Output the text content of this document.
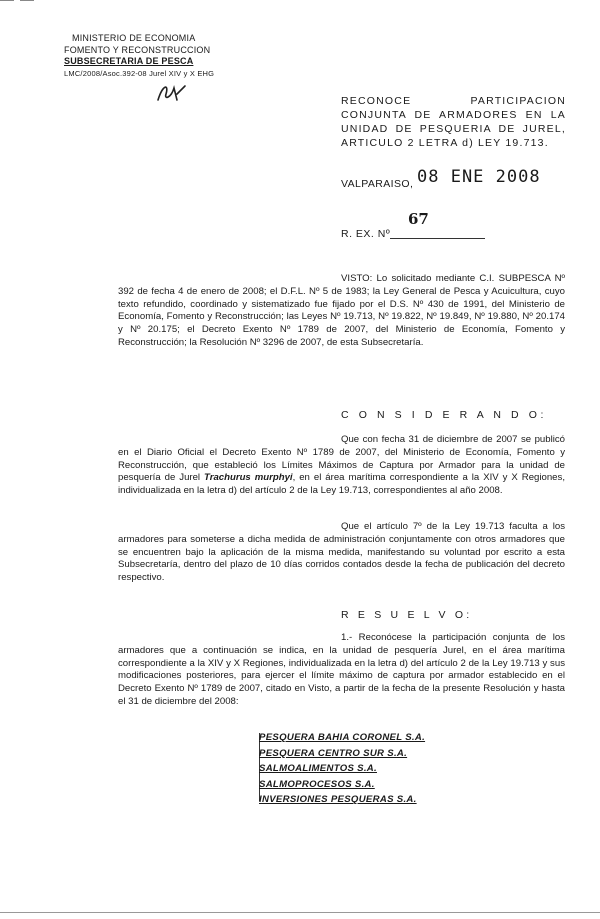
MINISTERIO DE ECONOMIA
FOMENTO Y RECONSTRUCCION
SUBSECRETARIA DE PESCA
LMC/2008/Asoc.392-08 Jurel XIV y X EHG
RECONOCE PARTICIPACION CONJUNTA DE ARMADORES EN LA UNIDAD DE PESQUERIA DE JUREL, ARTICULO 2 LETRA d) LEY 19.713.
VALPARAISO, 08 ENE 2008
67
R. EX. Nº
VISTO: Lo solicitado mediante C.I. SUBPESCA Nº 392 de fecha 4 de enero de 2008; el D.F.L. Nº 5 de 1983; la Ley General de Pesca y Acuicultura, cuyo texto refundido, coordinado y sistematizado fue fijado por el D.S. Nº 430 de 1991, del Ministerio de Economía, Fomento y Reconstrucción; las Leyes Nº 19.713, Nº 19.822, Nº 19.849, Nº 19.880, Nº 20.174 y Nº 20.175; el Decreto Exento Nº 1789 de 2007, del Ministerio de Economía, Fomento y Reconstrucción; la Resolución Nº 3296 de 2007, de esta Subsecretaría.
C O N S I D E R A N D O:
Que con fecha 31 de diciembre de 2007 se publicó en el Diario Oficial el Decreto Exento Nº 1789 de 2007, del Ministerio de Economía, Fomento y Reconstrucción, que estableció los Límites Máximos de Captura por Armador para la unidad de pesquería de Jurel Trachurus murphyi, en el área marítima correspondiente a la XIV y X Regiones, individualizada en la letra d) del artículo 2 de la Ley 19.713, correspondientes al año 2008.
Que el artículo 7º de la Ley 19.713 faculta a los armadores para someterse a dicha medida de administración conjuntamente con otros armadores que se encuentren bajo la aplicación de la misma medida, manifestando su voluntad por escrito a esta Subsecretaría, dentro del plazo de 10 días corridos contados desde la fecha de publicación del decreto respectivo.
R E S U E L V O:
1.- Reconócese la participación conjunta de los armadores que a continuación se indica, en la unidad de pesquería Jurel, en el área marítima correspondiente a la XIV y X Regiones, individualizada en la letra d) del artículo 2 de la Ley 19.713 y sus modificaciones posteriores, para ejercer el límite máximo de captura por armador establecido en el Decreto Exento Nº 1789 de 2007, citado en Visto, a partir de la fecha de la presente Resolución y hasta el 31 de diciembre del 2008:
PESQUERA BAHIA CORONEL S.A.
PESQUERA CENTRO SUR S.A.
SALMOALIMENTOS S.A.
SALMOPROCESOS S.A.
INVERSIONES PESQUERAS S.A.
